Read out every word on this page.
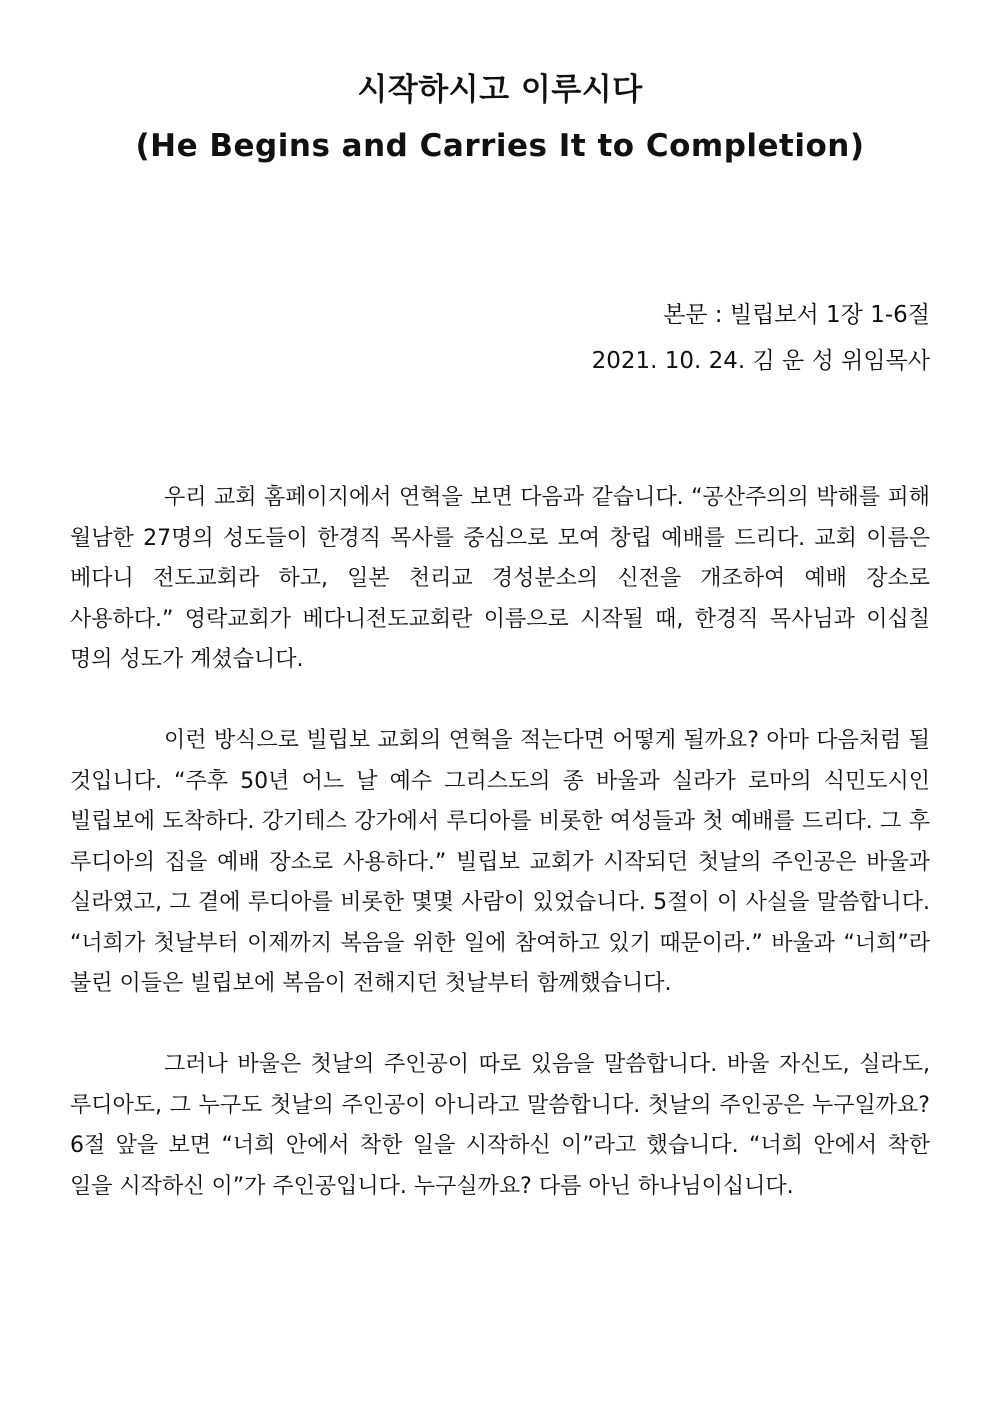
시작하시고 이루시다
(He Begins and Carries It to Completion)
본문 : 빌립보서 1장 1-6절
2021. 10. 24. 김 운 성 위임목사

우리 교회 홈페이지에서 연혁을 보면 다음과 같습니다. “공산주의의 박해를 피해 월남한 27명의 성도들이 한경직 목사를 중심으로 모여 창립 예배를 드리다. 교회 이름은 베다니 전도교회라 하고, 일본 천리교 경성분소의 신전을 개조하여 예배 장소로 사용하다.” 영락교회가 베다니전도교회란 이름으로 시작될 때, 한경직 목사님과 이십칠 명의 성도가 계셨습니다.

이런 방식으로 빌립보 교회의 연혁을 적는다면 어떻게 될까요? 아마 다음처럼 될 것입니다. “주후 50년 어느 날 예수 그리스도의 종 바울과 실라가 로마의 식민도시인 빌립보에 도착하다. 강기테스 강가에서 루디아를 비롯한 여성들과 첫 예배를 드리다. 그 후 루디아의 집을 예배 장소로 사용하다.” 빌립보 교회가 시작되던 첫날의 주인공은 바울과 실라였고, 그 곁에 루디아를 비롯한 몇몇 사람이 있었습니다. 5절이 이 사실을 말씀합니다. “너희가 첫날부터 이제까지 복음을 위한 일에 참여하고 있기 때문이라.” 바울과 “너희”라 불린 이들은 빌립보에 복음이 전해지던 첫날부터 함께했습니다.

그러나 바울은 첫날의 주인공이 따로 있음을 말씀합니다. 바울 자신도, 실라도, 루디아도, 그 누구도 첫날의 주인공이 아니라고 말씀합니다. 첫날의 주인공은 누구일까요? 6절 앞을 보면 “너희 안에서 착한 일을 시작하신 이”라고 했습니다. “너희 안에서 착한 일을 시작하신 이”가 주인공입니다. 누구실까요? 다름 아닌 하나님이십니다.
